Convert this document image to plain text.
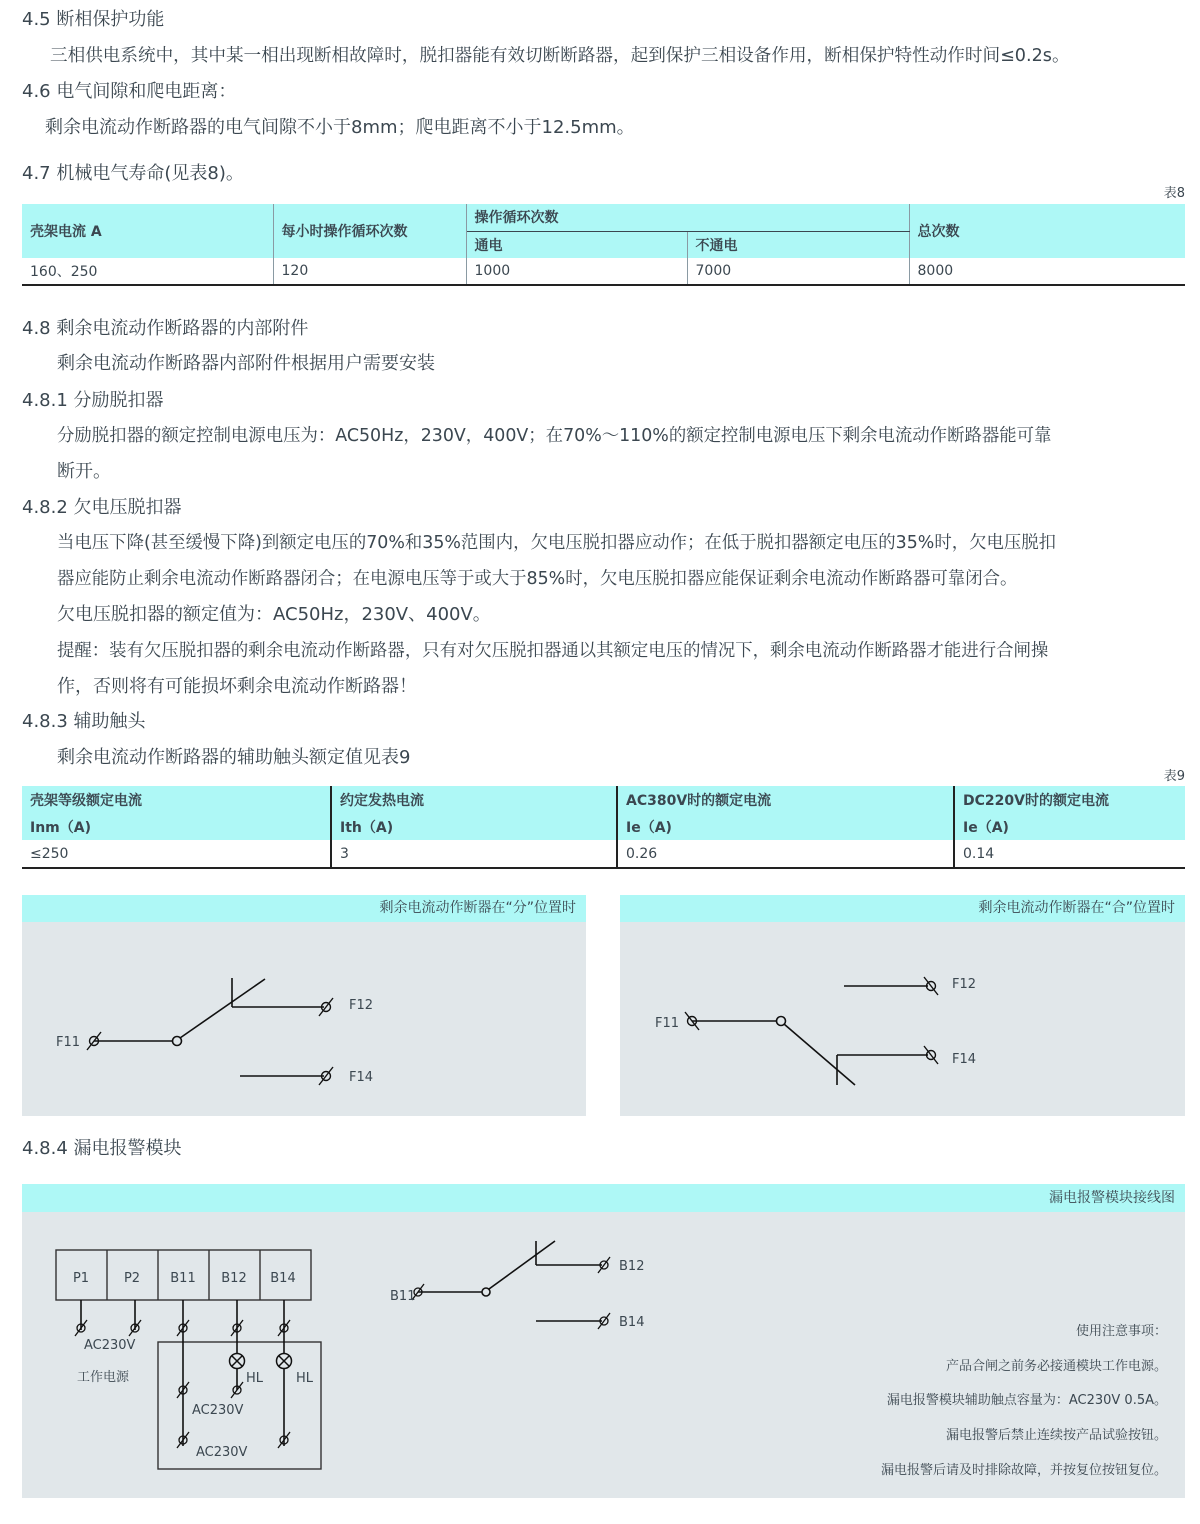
4.5 断相保护功能
三相供电系统中，其中某一相出现断相故障时，脱扣器能有效切断断路器，起到保护三相设备作用，断相保护特性动作时间≤0.2s。
4.6 电气间隙和爬电距离：
剩余电流动作断路器的电气间隙不小于8mm；爬电距离不小于12.5mm。
4.7 机械电气寿命(见表8)。
表8
壳架电流 A	每小时操作循环次数	操作循环次数		总次数
		通电	不通电	
160、250	120	1000	7000	8000
4.8 剩余电流动作断路器的内部附件
剩余电流动作断路器内部附件根据用户需要安装
4.8.1 分励脱扣器
分励脱扣器的额定控制电源电压为：AC50Hz，230V，400V；在70%～110%的额定控制电源电压下剩余电流动作断路器能可靠
断开。
4.8.2 欠电压脱扣器
当电压下降(甚至缓慢下降)到额定电压的70%和35%范围内，欠电压脱扣器应动作；在低于脱扣器额定电压的35%时，欠电压脱扣
器应能防止剩余电流动作断路器闭合；在电源电压等于或大于85%时，欠电压脱扣器应能保证剩余电流动作断路器可靠闭合。
欠电压脱扣器的额定值为：AC50Hz，230V、400V。
提醒：装有欠压脱扣器的剩余电流动作断路器，只有对欠压脱扣器通以其额定电压的情况下，剩余电流动作断路器才能进行合闸操
作，否则将有可能损坏剩余电流动作断路器！
4.8.3 辅助触头
剩余电流动作断路器的辅助触头额定值见表9
表9
壳架等级额定电流	约定发热电流	AC380V时的额定电流	DC220V时的额定电流
Inm（A)	Ith（A)	Ie（A)	Ie（A)
≤250	3	0.26	0.14
剩余电流动作断器在“分”位置时
F11
F12
F14
剩余电流动作断器在“合”位置时
F11
F12
F14
4.8.4 漏电报警模块
漏电报警模块接线图
P1	P2 B11 B12 B14
AC230V
工作电源	HL	HL
AC230V
AC230V
B11
B12
B14
使用注意事项：
产品合闸之前务必接通模块工作电源。
漏电报警模块辅助触点容量为：AC230V 0.5A。
漏电报警后禁止连续按产品试验按钮。
漏电报警后请及时排除故障，并按复位按钮复位。
